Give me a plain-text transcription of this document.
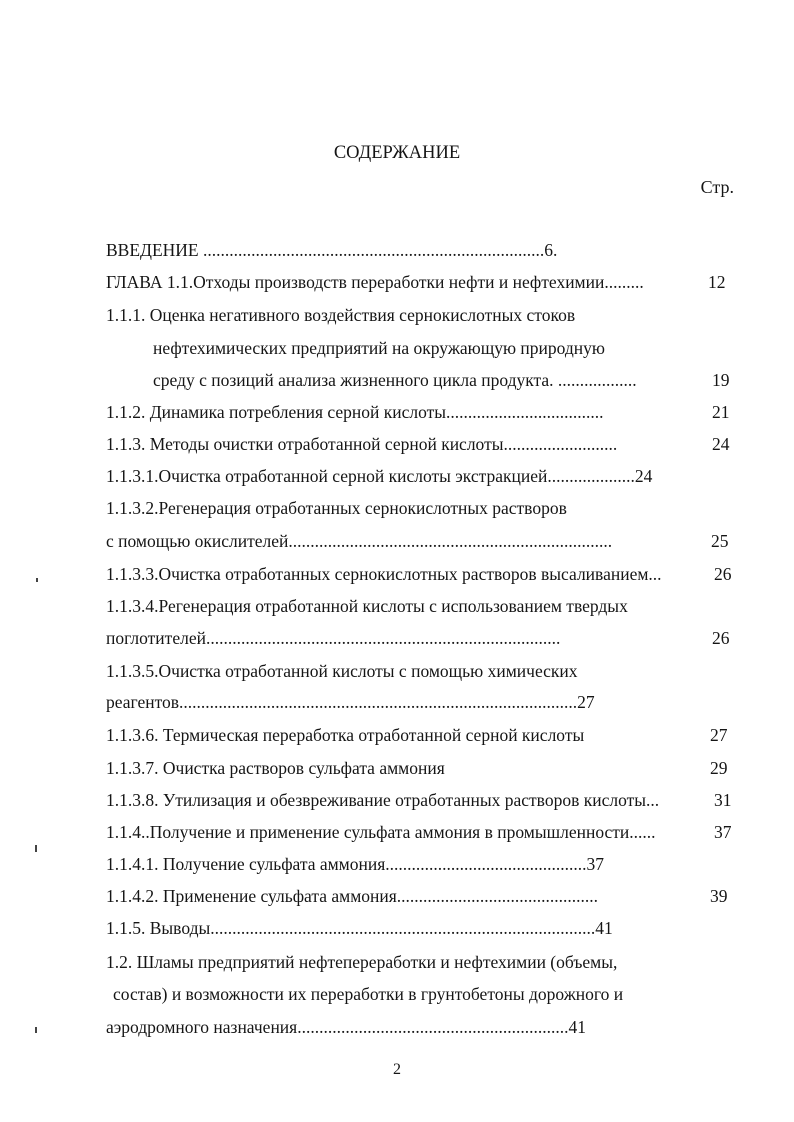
СОДЕРЖАНИЕ
Стр.
ВВЕДЕНИЕ ..............................................................................6.
ГЛАВА 1.1.Отходы производств переработки нефти и нефтехимии.........	12
1.1.1. Оценка негативного воздействия сернокислотных стоков
нефтехимических предприятий на окружающую природную
среду с позиций анализа жизненного цикла продукта. ..................	19
1.1.2. Динамика потребления серной кислоты....................................	21
1.1.3. Методы очистки отработанной серной кислоты..........................	24
1.1.3.1.Очистка отработанной серной кислоты экстракцией....................24
1.1.3.2.Регенерация отработанных сернокислотных растворов
с помощью окислителей..........................................................................	25
1.1.3.3.Очистка отработанных сернокислотных растворов высаливанием...	26
1.1.3.4.Регенерация отработанной кислоты с использованием твердых
поглотителей.................................................................................	26
1.1.3.5.Очистка отработанной кислоты с помощью химических
реагентов...........................................................................................27
1.1.3.6. Термическая переработка отработанной серной кислоты	27
1.1.3.7. Очистка растворов сульфата аммония	29
1.1.3.8. Утилизация и обезвреживание отработанных растворов кислоты...	31
1.1.4..Получение и применение сульфата аммония в промышленности......	37
1.1.4.1. Получение сульфата аммония..............................................37
1.1.4.2. Применение сульфата аммония..............................................	39
1.1.5. Выводы........................................................................................41
1.2. Шламы предприятий нефтепереработки и нефтехимии (объемы,
состав) и возможности их переработки в грунтобетоны дорожного и
аэродромного назначения..............................................................41
2
